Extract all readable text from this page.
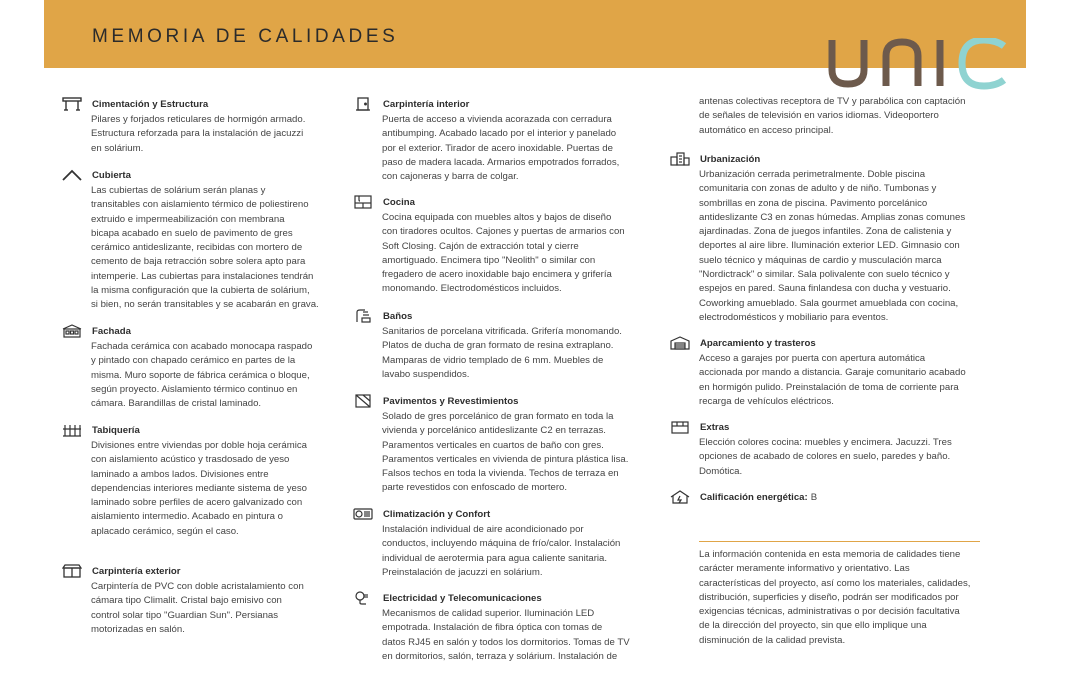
MEMORIA DE CALIDADES
Cimentación y Estructura
Pilares y forjados reticulares de hormigón armado.
Estructura reforzada para la instalación de jacuzzi
en solárium.
Cubierta
Las cubiertas de solárium serán planas y
transitables con aislamiento térmico de poliestireno
extruido e impermeabilización con membrana
bicapa acabado en suelo de pavimento de gres
cerámico antideslizante, recibidas con mortero de
cemento de baja retracción sobre solera apto para
intemperie. Las cubiertas para instalaciones tendrán
la misma configuración que la cubierta de solárium,
si bien, no serán transitables y se acabarán en grava.
Fachada
Fachada cerámica con acabado monocapa raspado
y pintado con chapado cerámico en partes de la
misma. Muro soporte de fábrica cerámica o bloque,
según proyecto. Aislamiento térmico continuo en
cámara. Barandillas de cristal laminado.
Tabiquería
Divisiones entre viviendas por doble hoja cerámica
con aislamiento acústico y trasdosado de yeso
laminado a ambos lados. Divisiones entre
dependencias interiores mediante sistema de yeso
laminado sobre perfiles de acero galvanizado con
aislamiento intermedio. Acabado en pintura o
aplacado cerámico, según el caso.
Carpintería exterior
Carpintería de PVC con doble acristalamiento con
cámara tipo Climalit. Cristal bajo emisivo con
control solar tipo "Guardian Sun". Persianas
motorizadas en salón.
Carpintería interior
Puerta de acceso a vivienda acorazada con cerradura
antibumping. Acabado lacado por el interior y panelado
por el exterior. Tirador de acero inoxidable. Puertas de
paso de madera lacada. Armarios empotrados forrados,
con cajoneras y barra de colgar.
Cocina
Cocina equipada con muebles altos y bajos de diseño
con tiradores ocultos. Cajones y puertas de armarios con
Soft Closing. Cajón de extracción total y cierre
amortiguado. Encimera tipo "Neolith" o similar con
fregadero de acero inoxidable bajo encimera y grifería
monomando. Electrodomésticos incluidos.
Baños
Sanitarios de porcelana vitrificada. Grifería monomando.
Platos de ducha de gran formato de resina extraplano.
Mamparas de vidrio templado de 6 mm. Muebles de
lavabo suspendidos.
Pavimentos y Revestimientos
Solado de gres porcelánico de gran formato en toda la
vivienda y porcelánico antideslizante C2 en terrazas.
Paramentos verticales en cuartos de baño con gres.
Paramentos verticales en vivienda de pintura plástica lisa.
Falsos techos en toda la vivienda. Techos de terraza en
parte revestidos con enfoscado de mortero.
Climatización y Confort
Instalación individual de aire acondicionado por
conductos, incluyendo máquina de frío/calor. Instalación
individual de aerotermia para agua caliente sanitaria.
Preinstalación de jacuzzi en solárium.
Electricidad y Telecomunicaciones
Mecanismos de calidad superior. Iluminación LED
empotrada. Instalación de fibra óptica con tomas de
datos RJ45 en salón y todos los dormitorios. Tomas de TV
en dormitorios, salón, terraza y solárium. Instalación de
antenas colectivas receptora de TV y parabólica con captación
de señales de televisión en varios idiomas. Videoportero
automático en acceso principal.
Urbanización
Urbanización cerrada perimetralmente. Doble piscina
comunitaria con zonas de adulto y de niño. Tumbonas y
sombrillas en zona de piscina. Pavimento porcelánico
antideslizante C3 en zonas húmedas. Amplias zonas comunes
ajardinadas. Zona de juegos infantiles. Zona de calistenia y
deportes al aire libre. Iluminación exterior LED. Gimnasio con
suelo técnico y máquinas de cardio y musculación marca
"Nordictrack" o similar. Sala polivalente con suelo técnico y
espejos en pared. Sauna finlandesa con ducha y vestuario.
Coworking amueblado. Sala gourmet amueblada con cocina,
electrodomésticos y mobiliario para eventos.
Aparcamiento y trasteros
Acceso a garajes por puerta con apertura automática
accionada por mando a distancia. Garaje comunitario acabado
en hormigón pulido. Preinstalación de toma de corriente para
recarga de vehículos eléctricos.
Extras
Elección colores cocina: muebles y encimera. Jacuzzi. Tres
opciones de acabado de colores en suelo, paredes y baño.
Domótica.
Calificación energética: B
La información contenida en esta memoria de calidades tiene
carácter meramente informativo y orientativo. Las
características del proyecto, así como los materiales, calidades,
distribución, superficies y diseño, podrán ser modificados por
exigencias técnicas, administrativas o por decisión facultativa
de la dirección del proyecto, sin que ello implique una
disminución de la calidad prevista.
